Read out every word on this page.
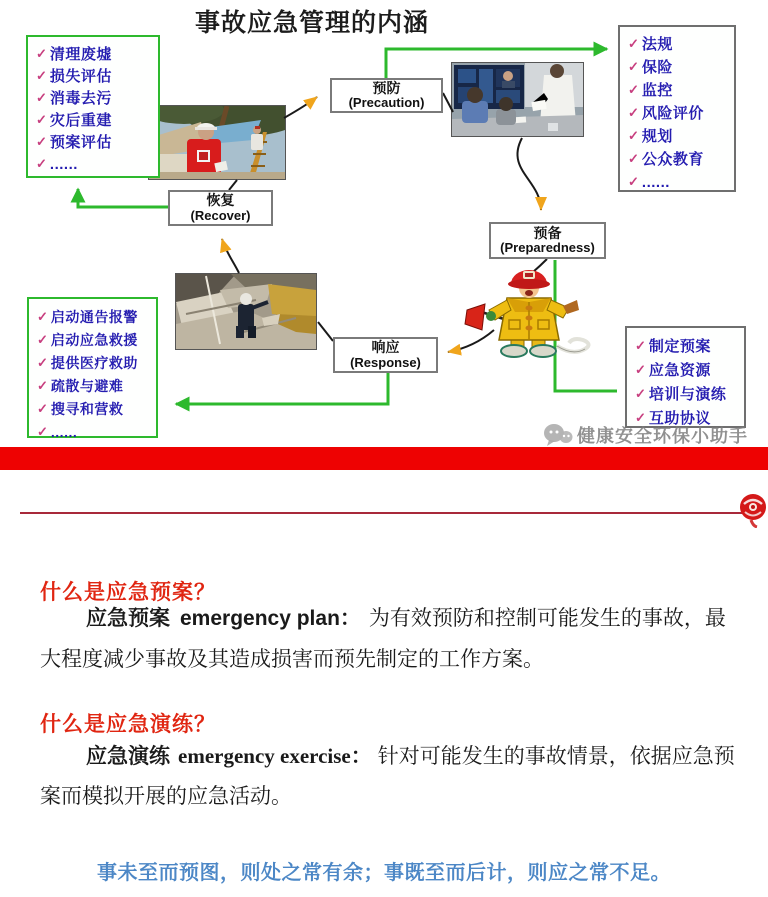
事故应急管理的内涵
✓ 清理废墟
✓ 损失评估
✓ 消毒去污
✓ 灾后重建
✓ 预案评估
✓ ......
✓ 法规
✓ 保险
✓ 监控
✓ 风险评价
✓ 规划
✓ 公众教育
✓ ......
✓ 启动通告报警
✓ 启动应急救援
✓ 提供医疗救助
✓ 疏散与避难
✓ 搜寻和营救
✓ ......
✓ 制定预案
✓ 应急资源
✓ 培训与演练
✓ 互助协议
预防
(Precaution)
预备
(Preparedness)
响应
(Response)
恢复
(Recover)
健康安全环保小助手
什么是应急预案？

应急预案 emergency plan： 为有效预防和控制可能发生的事故，最大程度减少事故及其造成损害而预先制定的工作方案。

什么是应急演练？

应急演练 emergency exercise： 针对可能发生的事故情景，依据应急预案而模拟开展的应急活动。

事未至而预图，则处之常有余；事既至而后计，则应之常不足。
